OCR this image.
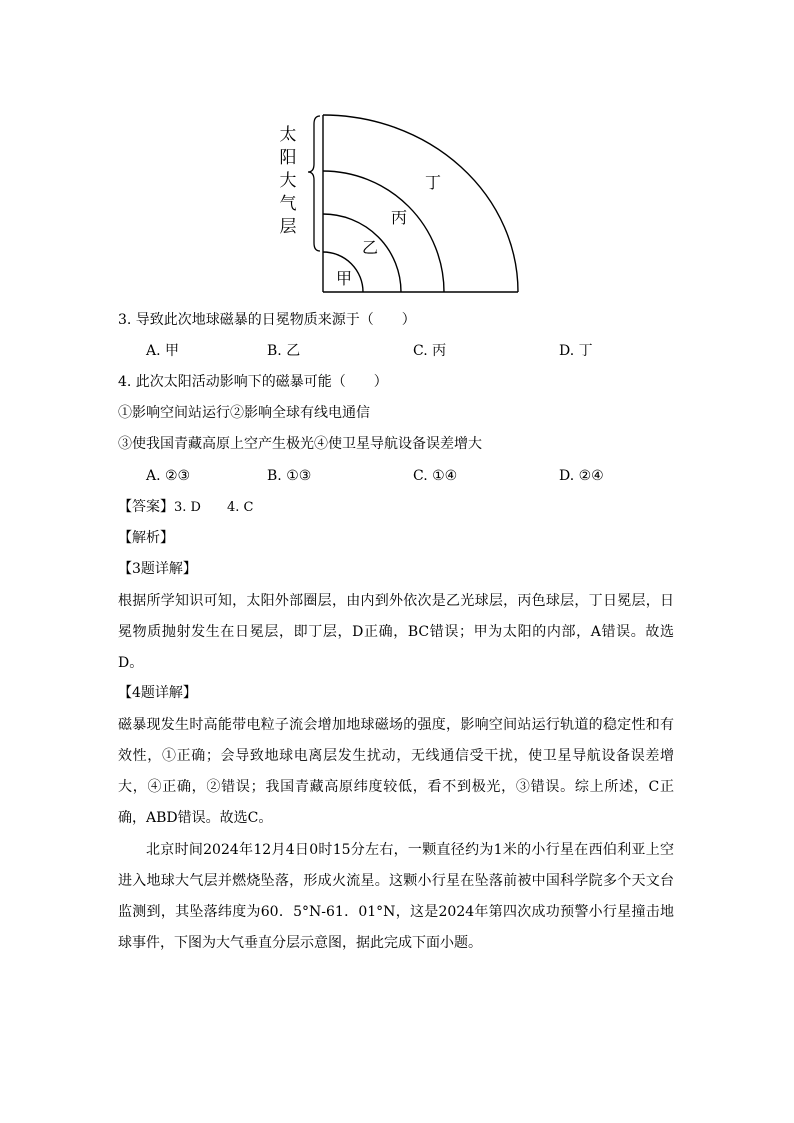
太
阳
大
气
层
甲
乙
丙
丁
3. 导致此次地球磁暴的日冕物质来源于（　　）
A. 甲	B. 乙	C. 丙	D. 丁
4. 此次太阳活动影响下的磁暴可能（　　）
①影响空间站运行②影响全球有线电通信
③使我国青藏高原上空产生极光④使卫星导航设备误差增大
A. ②③	B. ①③	C. ①④	D. ②④
【答案】3. D　　4. C
【解析】
【3题详解】
根据所学知识可知，太阳外部圈层，由内到外依次是乙光球层，丙色球层，丁日冕层，日冕物质抛射发生在日冕层，即丁层，D正确，BC错误；甲为太阳的内部，A错误。故选D。
【4题详解】
磁暴现发生时高能带电粒子流会增加地球磁场的强度，影响空间站运行轨道的稳定性和有效性，①正确；会导致地球电离层发生扰动，无线通信受干扰，使卫星导航设备误差增大，④正确，②错误；我国青藏高原纬度较低，看不到极光，③错误。综上所述，C正确，ABD错误。故选C。
北京时间2024年12月4日0时15分左右，一颗直径约为1米的小行星在西伯利亚上空进入地球大气层并燃烧坠落，形成火流星。这颗小行星在坠落前被中国科学院多个天文台监测到，其坠落纬度为60．5°N-61．01°N，这是2024年第四次成功预警小行星撞击地球事件，下图为大气垂直分层示意图，据此完成下面小题。
